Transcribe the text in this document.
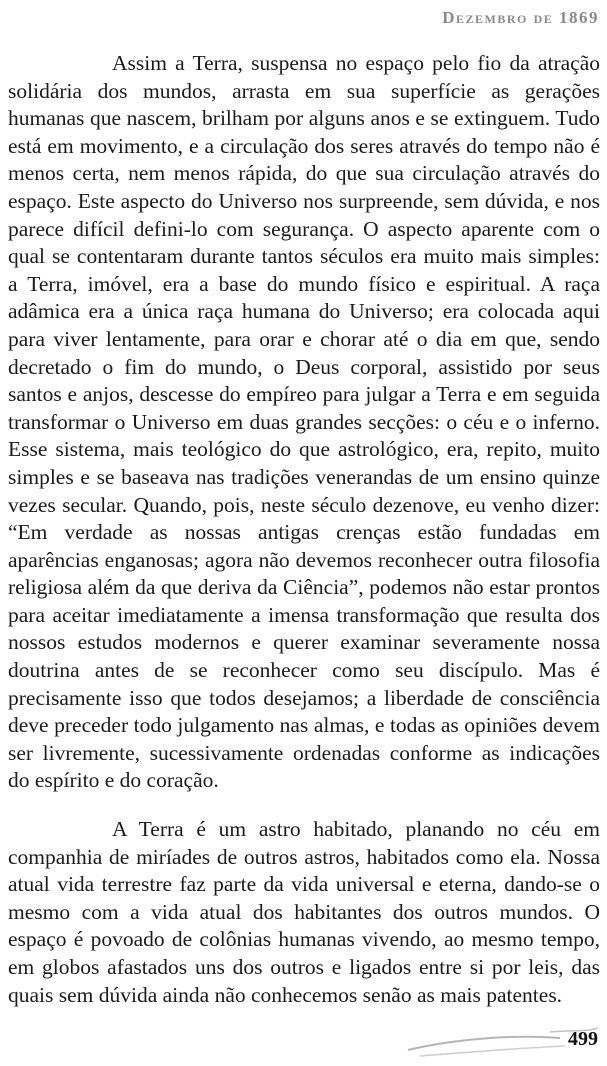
Dezembro de 1869

Assim a Terra, suspensa no espaço pelo fio da atração solidária dos mundos, arrasta em sua superfície as gerações humanas que nascem, brilham por alguns anos e se extinguem. Tudo está em movimento, e a circulação dos seres através do tempo não é menos certa, nem menos rápida, do que sua circulação através do espaço. Este aspecto do Universo nos surpreende, sem dúvida, e nos parece difícil defini-lo com segurança. O aspecto aparente com o qual se contentaram durante tantos séculos era muito mais simples: a Terra, imóvel, era a base do mundo físico e espiritual. A raça adâmica era a única raça humana do Universo; era colocada aqui para viver lentamente, para orar e chorar até o dia em que, sendo decretado o fim do mundo, o Deus corporal, assistido por seus santos e anjos, descesse do empíreo para julgar a Terra e em seguida transformar o Universo em duas grandes secções: o céu e o inferno. Esse sistema, mais teológico do que astrológico, era, repito, muito simples e se baseava nas tradições venerandas de um ensino quinze vezes secular. Quando, pois, neste século dezenove, eu venho dizer: “Em verdade as nossas antigas crenças estão fundadas em aparências enganosas; agora não devemos reconhecer outra filosofia religiosa além da que deriva da Ciência”, podemos não estar prontos para aceitar imediatamente a imensa transformação que resulta dos nossos estudos modernos e querer examinar severamente nossa doutrina antes de se reconhecer como seu discípulo. Mas é precisamente isso que todos desejamos; a liberdade de consciência deve preceder todo julgamento nas almas, e todas as opiniões devem ser livremente, sucessivamente ordenadas conforme as indicações do espírito e do coração.

A Terra é um astro habitado, planando no céu em companhia de miríades de outros astros, habitados como ela. Nossa atual vida terrestre faz parte da vida universal e eterna, dando-se o mesmo com a vida atual dos habitantes dos outros mundos. O espaço é povoado de colônias humanas vivendo, ao mesmo tempo, em globos afastados uns dos outros e ligados entre si por leis, das quais sem dúvida ainda não conhecemos senão as mais patentes.

499
